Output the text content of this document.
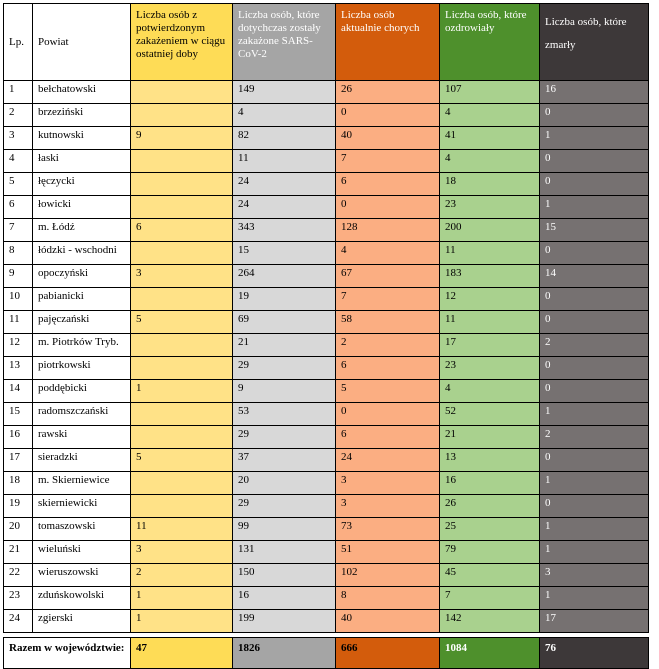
Lp.	Powiat	Liczba osób z potwierdzonym zakażeniem w ciągu ostatniej doby	Liczba osób, które dotychczas zostały zakażone SARS-CoV-2	Liczba osób aktualnie chorych	Liczba osób, które ozdrowiały	Liczba osób, które
zmarły

1	bełchatowski		149	26	107	16
2	brzeziński		4	0	4	0
3	kutnowski	9	82	40	41	1
4	łaski		11	7	4	0
5	łęczycki		24	6	18	0
6	łowicki		24	0	23	1
7	m. Łódź	6	343	128	200	15
8	łódzki - wschodni		15	4	11	0
9	opoczyński	3	264	67	183	14
10	pabianicki		19	7	12	0
11	pajęczański	5	69	58	11	0
12	m. Piotrków Tryb.		21	2	17	2
13	piotrkowski		29	6	23	0
14	poddębicki	1	9	5	4	0
15	radomszczański		53	0	52	1
16	rawski		29	6	21	2
17	sieradzki	5	37	24	13	0
18	m. Skierniewice		20	3	16	1
19	skierniewicki		29	3	26	0
20	tomaszowski	11	99	73	25	1
21	wieluński	3	131	51	79	1
22	wieruszowski	2	150	102	45	3
23	zduńskowolski	1	16	8	7	1
24	zgierski	1	199	40	142	17

Razem w województwie:		47	1826	666	1084	76
